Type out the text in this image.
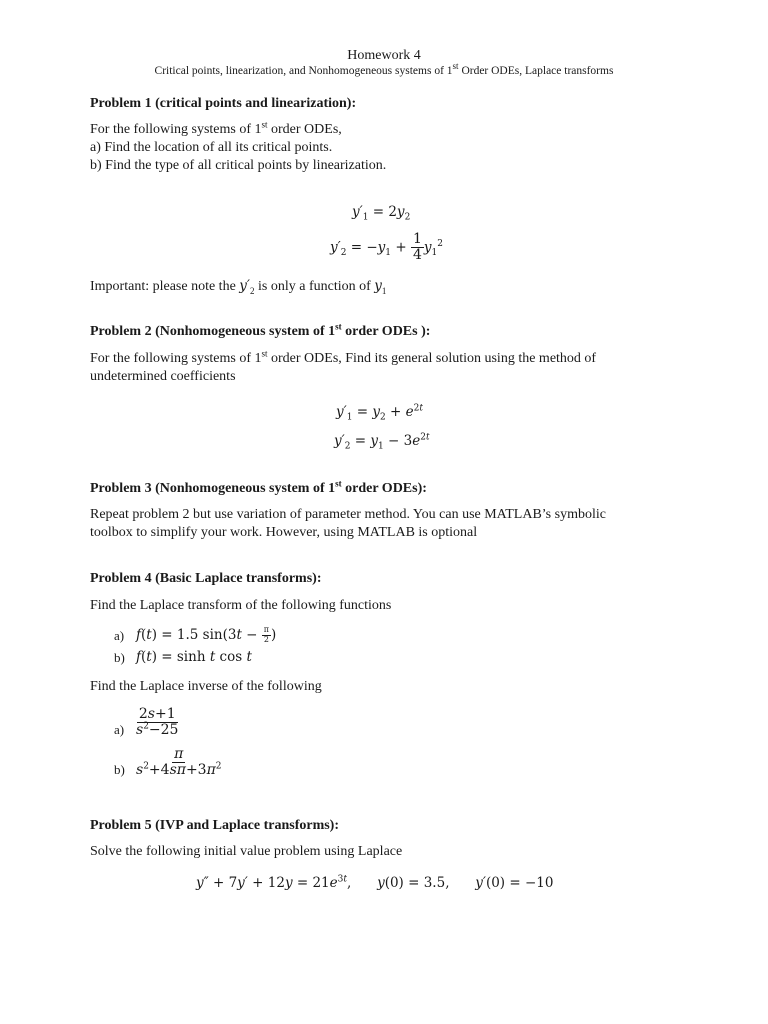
Homework 4
Critical points, linearization, and Nonhomogeneous systems of 1st Order ODEs, Laplace transforms
Problem 1 (critical points and linearization):
For the following systems of 1st order ODEs,
a) Find the location of all its critical points.
b) Find the type of all critical points by linearization.
$y'_1 = 2y_2$
$y'_2 = -y_1 + \frac{1}{4} y_1^2$
Important: please note the $y'_2$ is only a function of $y_1$
Problem 2 (Nonhomogeneous system of 1st order ODEs ):
For the following systems of 1st order ODEs, Find its general solution using the method of
undetermined coefficients
$y'_1 = y_2 + e^{2t}$
$y'_2 = y_1 - 3e^{2t}$
Problem 3 (Nonhomogeneous system of 1st order ODEs):
Repeat problem 2 but use variation of parameter method. You can use MATLAB’s symbolic
toolbox to simplify your work. However, using MATLAB is optional
Problem 4 (Basic Laplace transforms):
Find the Laplace transform of the following functions
a) f(t) = 1.5 $\sin(3t - \frac{\pi}{2}$ )
b) f(t) = sinh t cos t
Find the Laplace inverse of the following
$a) \frac{2s+1}{s^2-25}$
$b) \frac{\pi}{s^2+4s\pi+3\pi^2}$
Problem 5 (IVP and Laplace transforms):
Solve the following initial value problem using Laplace
$y'' + 7y' + 12y = 21e^{3t}$,      y(0) = 3.5,      y′(0) = −10
